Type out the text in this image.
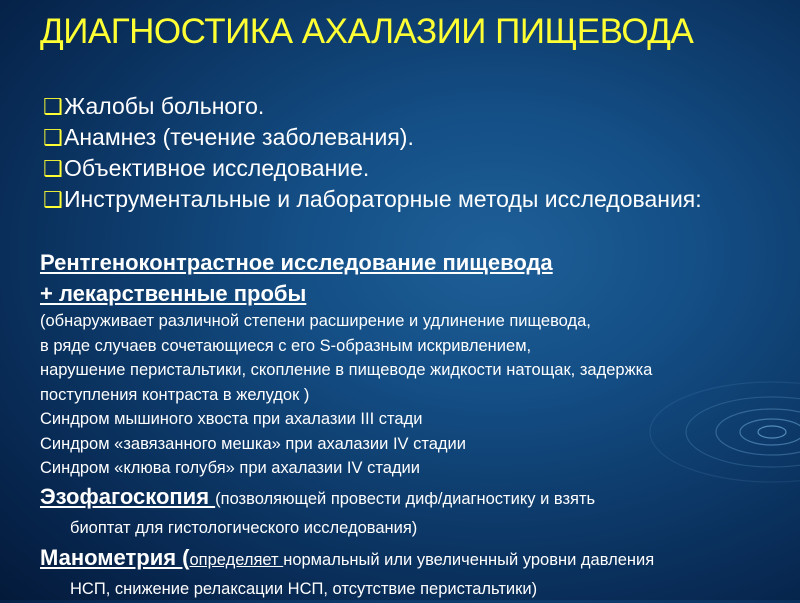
ДИАГНОСТИКА АХАЛАЗИИ ПИЩЕВОДА
❑ Жалобы больного.
❑ Анамнез (течение заболевания).
❑ Объективное исследование.
❑ Инструментальные и лабораторные методы исследования:
Рентгеноконтрастное исследование пищевода
+ лекарственные пробы
(обнаруживает различной степени расширение и удлинение пищевода,
в ряде случаев сочетающиеся с его S-образным искривлением,
нарушение перистальтики, скопление в пищеводе жидкости натощак, задержка
поступления контраста в желудок )
Синдром мышиного хвоста при ахалазии III стади
Синдром «завязанного мешка» при ахалазии IV стадии
Синдром «клюва голубя» при ахалазии IV стадии
Эзофагоскопия (позволяющей провести диф/диагностику и взять
биоптат для гистологического исследования)
Манометрия (определяет нормальный или увеличенный уровни давления
НСП, снижение релаксации НСП, отсутствие перистальтики)
